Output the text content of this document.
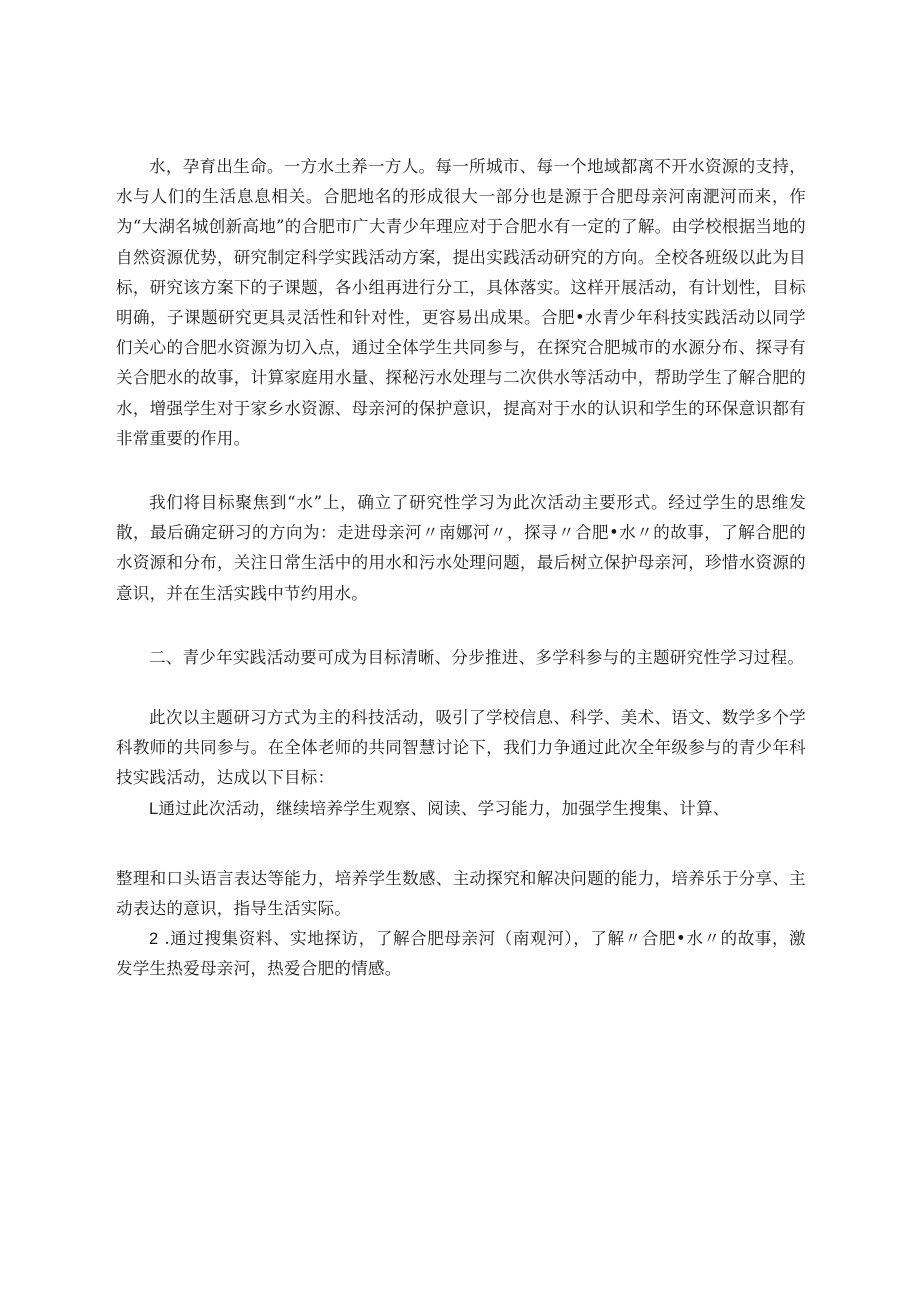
水，孕育出生命。一方水土养一方人。每一所城市、每一个地域都离不开水资源的支持，水与人们的生活息息相关。合肥地名的形成很大一部分也是源于合肥母亲河南淝河而来，作为“大湖名城创新高地”的合肥市广大青少年理应对于合肥水有一定的了解。由学校根据当地的自然资源优势，研究制定科学实践活动方案，提出实践活动研究的方向。全校各班级以此为目标，研究该方案下的子课题，各小组再进行分工，具体落实。这样开展活动，有计划性，目标明确，子课题研究更具灵活性和针对性，更容易出成果。合肥•水青少年科技实践活动以同学们关心的合肥水资源为切入点，通过全体学生共同参与，在探究合肥城市的水源分布、探寻有关合肥水的故事，计算家庭用水量、探秘污水处理与二次供水等活动中，帮助学生了解合肥的水，增强学生对于家乡水资源、母亲河的保护意识，提高对于水的认识和学生的环保意识都有非常重要的作用。

我们将目标聚焦到“水”上，确立了研究性学习为此次活动主要形式。经过学生的思维发散，最后确定研习的方向为：走进母亲河〃南娜河〃，探寻〃合肥•水〃的故事，了解合肥的水资源和分布，关注日常生活中的用水和污水处理问题，最后树立保护母亲河，珍惜水资源的意识，并在生活实践中节约用水。

二、青少年实践活动要可成为目标清晰、分步推进、多学科参与的主题研究性学习过程。

此次以主题研习方式为主的科技活动，吸引了学校信息、科学、美术、语文、数学多个学科教师的共同参与。在全体老师的共同智慧讨论下，我们力争通过此次全年级参与的青少年科技实践活动，达成以下目标：

L通过此次活动，继续培养学生观察、阅读、学习能力，加强学生搜集、计算、

整理和口头语言表达等能力，培养学生数感、主动探究和解决问题的能力，培养乐于分享、主动表达的意识，指导生活实际。

2 .通过搜集资料、实地探访，了解合肥母亲河（南观河），了解〃合肥•水〃的故事，激发学生热爱母亲河，热爱合肥的情感。
